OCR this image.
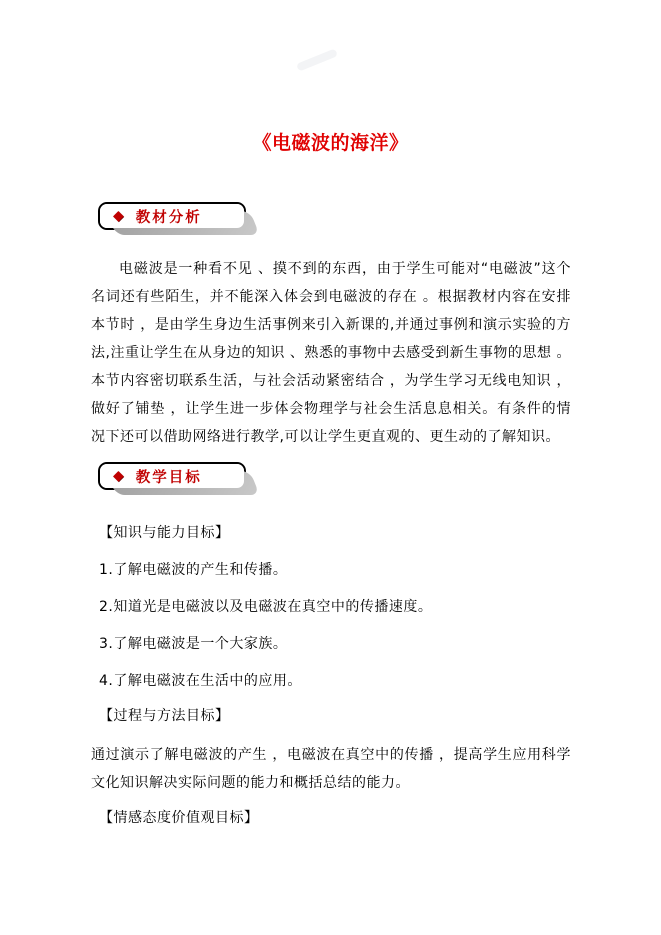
《电磁波的海洋》
◆ 教材分析

电磁波是一种看不见 、摸不到的东西，由于学生可能对“电磁波”这个名词还有些陌生，并不能深入体会到电磁波的存在 。根据教材内容在安排本节时 ，是由学生身边生活事例来引入新课的,并通过事例和演示实验的方法,注重让学生在从身边的知识 、熟悉的事物中去感受到新生事物的思想 。本节内容密切联系生活，与社会活动紧密结合 ，为学生学习无线电知识 ，做好了铺垫 ，让学生进一步体会物理学与社会生活息息相关。有条件的情况下还可以借助网络进行教学,可以让学生更直观的、更生动的了解知识。

◆ 教学目标

【知识与能力目标】

1.了解电磁波的产生和传播。

2.知道光是电磁波以及电磁波在真空中的传播速度。

3.了解电磁波是一个大家族。

4.了解电磁波在生活中的应用。

【过程与方法目标】

通过演示了解电磁波的产生 ，电磁波在真空中的传播 ，提高学生应用科学文化知识解决实际问题的能力和概括总结的能力。

【情感态度价值观目标】
